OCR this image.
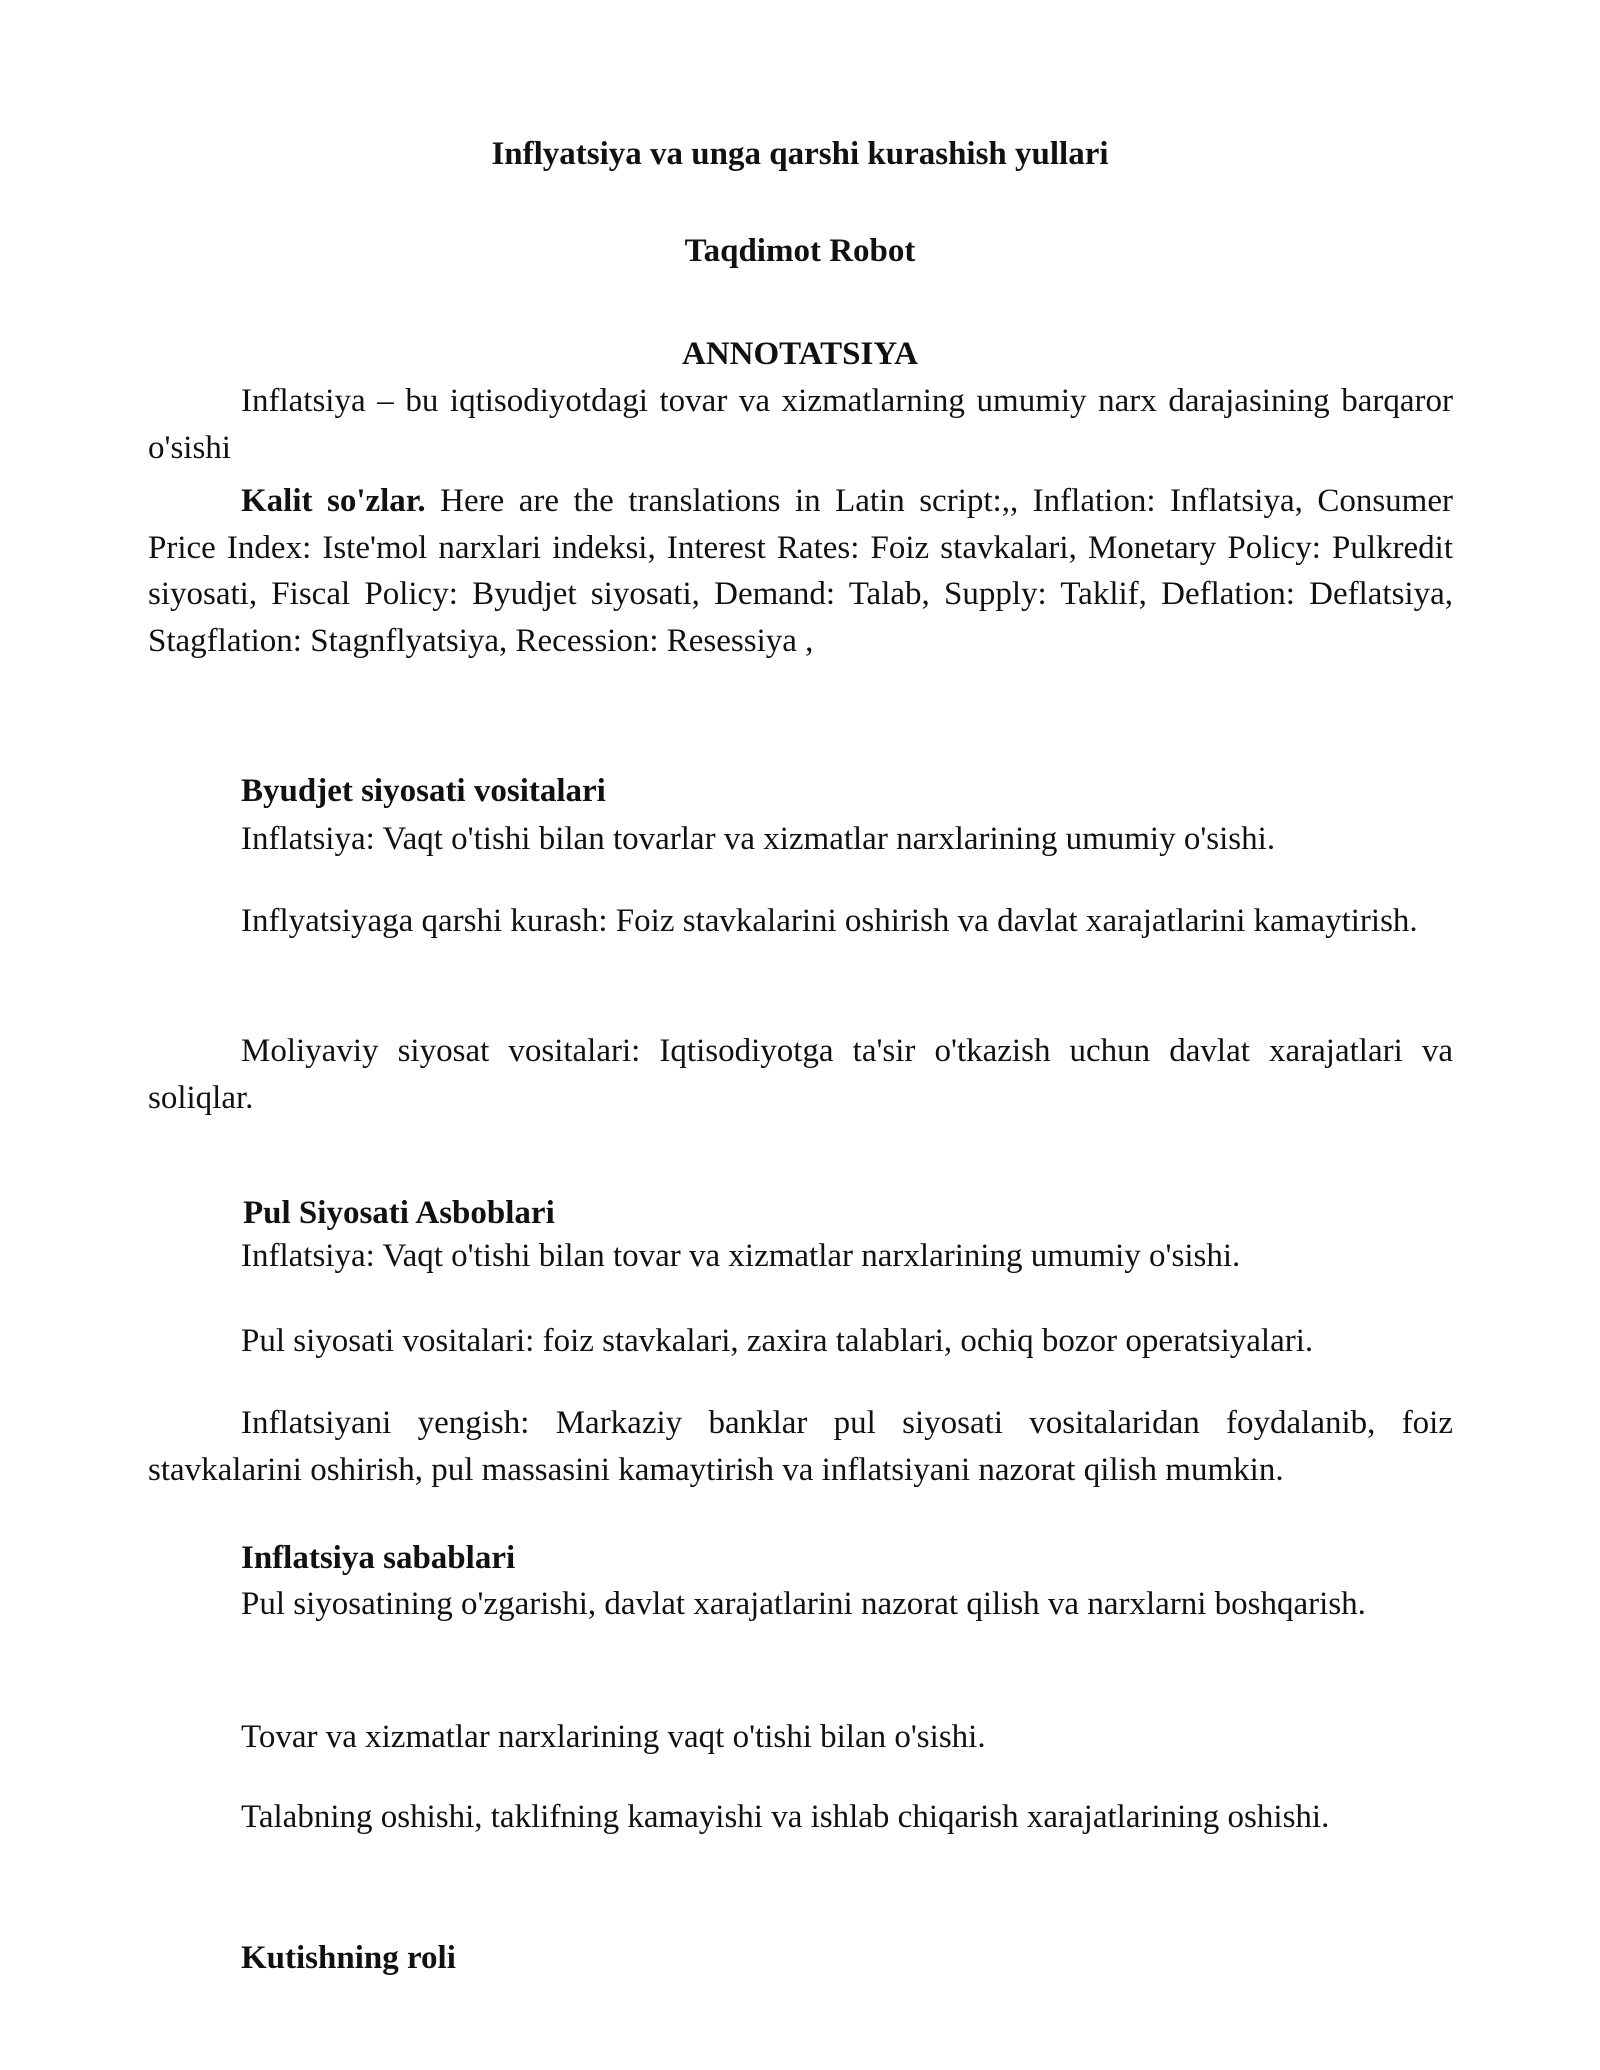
Inflyatsiya va unga qarshi kurashish yullari

Taqdimot Robot

ANNOTATSIYA

Inflatsiya – bu iqtisodiyotdagi tovar va xizmatlarning umumiy narx darajasining barqaror o'sishi

Kalit so'zlar. Here are the translations in Latin script:,, Inflation: Inflatsiya, Consumer Price Index: Iste'mol narxlari indeksi, Interest Rates: Foiz stavkalari, Monetary Policy: Pulkredit siyosati, Fiscal Policy: Byudjet siyosati, Demand: Talab, Supply: Taklif, Deflation: Deflatsiya, Stagflation: Stagnflyatsiya, Recession: Resessiya ,

Byudjet siyosati vositalari

Inflatsiya: Vaqt o'tishi bilan tovarlar va xizmatlar narxlarining umumiy o'sishi.

Inflyatsiyaga qarshi kurash: Foiz stavkalarini oshirish va davlat xarajatlarini kamaytirish.

Moliyaviy siyosat vositalari: Iqtisodiyotga ta'sir o'tkazish uchun davlat xarajatlari va soliqlar.

Pul Siyosati Asboblari

Inflatsiya: Vaqt o'tishi bilan tovar va xizmatlar narxlarining umumiy o'sishi.

Pul siyosati vositalari: foiz stavkalari, zaxira talablari, ochiq bozor operatsiyalari.

Inflatsiyani yengish: Markaziy banklar pul siyosati vositalaridan foydalanib, foiz stavkalarini oshirish, pul massasini kamaytirish va inflatsiyani nazorat qilish mumkin.

Inflatsiya sabablari

Pul siyosatining o'zgarishi, davlat xarajatlarini nazorat qilish va narxlarni boshqarish.

Tovar va xizmatlar narxlarining vaqt o'tishi bilan o'sishi.

Talabning oshishi, taklifning kamayishi va ishlab chiqarish xarajatlarining oshishi.

Kutishning roli
